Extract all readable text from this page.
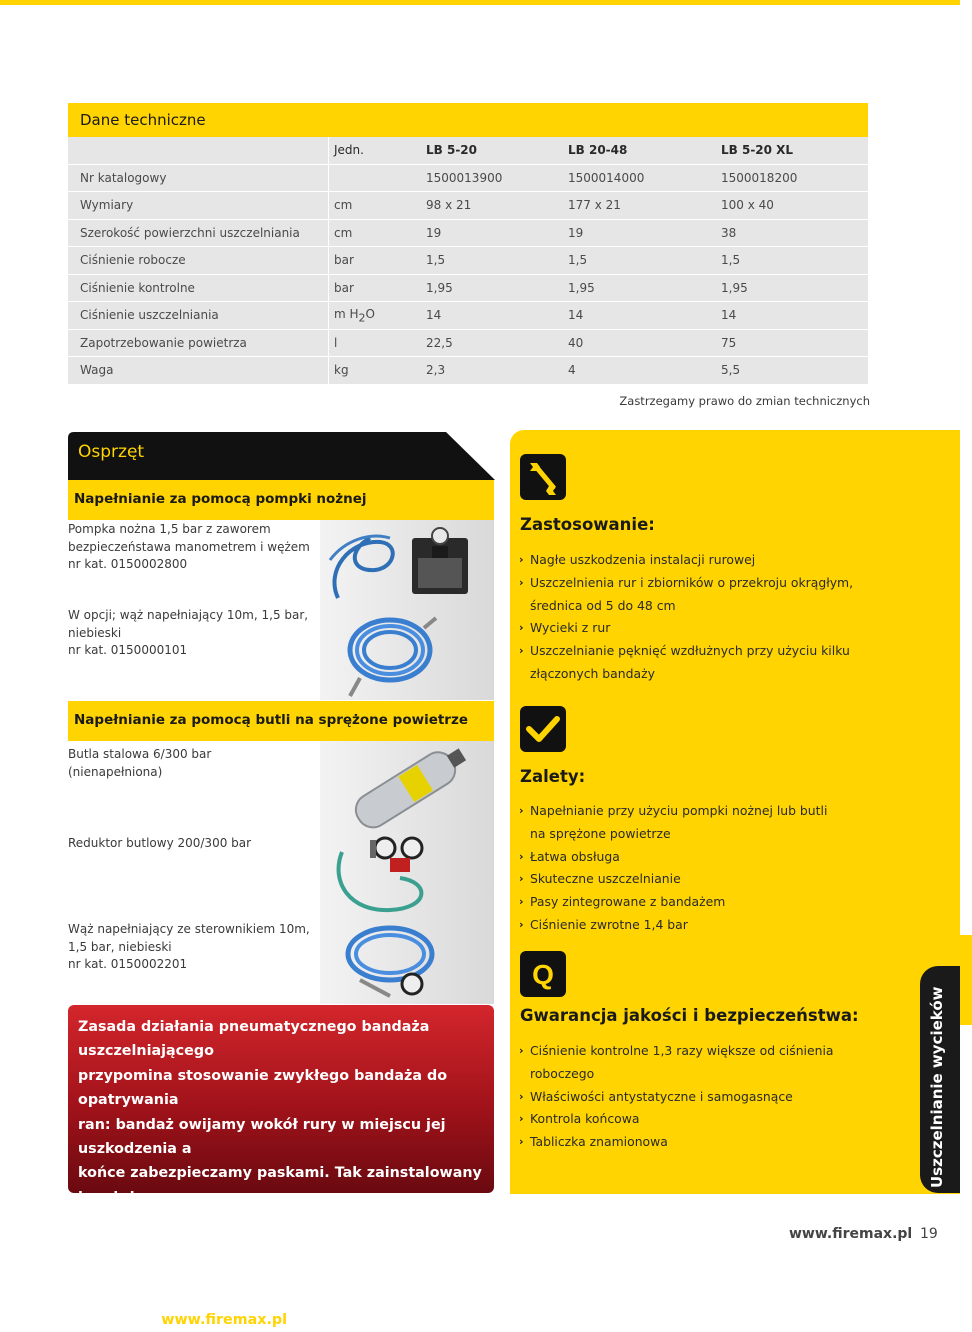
Dane techniczne
	Jedn.	LB 5-20	LB 20-48	LB 5-20 XL
Nr katalogowy		1500013900	1500014000	1500018200
Wymiary	cm	98 x 21	177 x 21	100 x 40
Szerokość powierzchni uszczelniania	cm	19	19	38
Ciśnienie robocze	bar	1,5	1,5	1,5
Ciśnienie kontrolne	bar	1,95	1,95	1,95
Ciśnienie uszczelniania	m $H_2O$	14	14	14
Zapotrzebowanie powietrza	l	22,5	40	75
Waga	kg	2,3	4	5,5
Zastrzegamy prawo do zmian technicznych
Osprzęt
Napełnianie za pomocą pompki nożnej
Pompka nożna 1,5 bar z zaworem
bezpieczeństawa manometrem i wężem
nr kat. 0150002800
W opcji; wąż napełniający 10m, 1,5 bar,
niebieski
nr kat. 0150000101
Napełnianie za pomocą butli na sprężone powietrze
Butla stalowa 6/300 bar
(nienapełniona)
Reduktor butlowy 200/300 bar
Wąż napełniający ze sterownikiem 10m,
1,5 bar, niebieski
nr kat. 0150002201
Zasada działania pneumatycznego bandaża uszczelniającego
przypomina stosowanie zwykłego bandaża do opatrywania
ran: bandaż owijamy wokół rury w miejscu jej uszkodzenia a
końce zabezpieczamy paskami. Tak zainstalowany bandaż,
po napełnieniu sprężonym powietrzem zapewnia skuteczne
uszczelnienie nawet kilkunastocentymetrowego pęknięcia.
Więcej na www.firemax.pl
Uszczelnianie wycieków
Zastosowanie:
› Nagłe uszkodzenia instalacji rurowej
› Uszczelnienia rur i zbiorników o przekroju okrągłym,
średnica od 5 do 48 cm
› Wycieki z rur
› Uszczelnianie pęknięć wzdłużnych przy użyciu kilku
złączonych bandaży
Zalety:
› Napełnianie przy użyciu pompki nożnej lub butli
na sprężone powietrze
› Łatwa obsługa
› Skuteczne uszczelnianie
› Pasy zintegrowane z bandażem
› Ciśnienie zwrotne 1,4 bar
Q
Gwarancja jakości i bezpieczeństwa:
› Ciśnienie kontrolne 1,3 razy większe od ciśnienia roboczego
› Właściwości antystatyczne i samogasnące
› Kontrola końcowa
› Tabliczka znamionowa
www.firemax.pl 19
